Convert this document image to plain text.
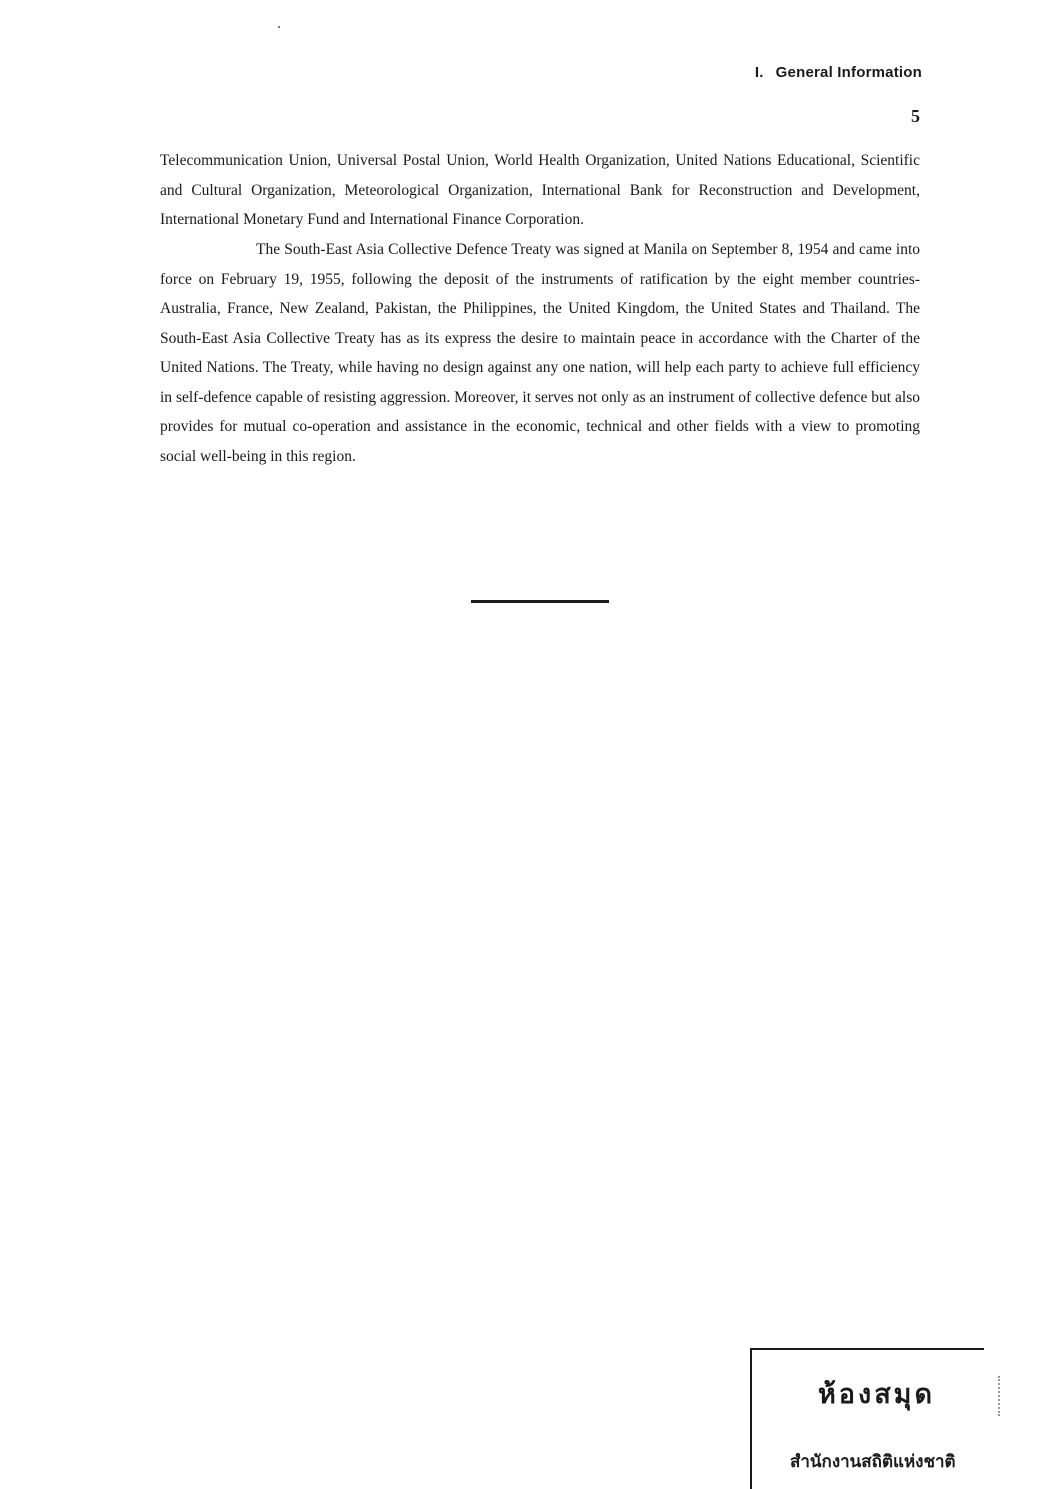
I. General Information
5

Telecommunication Union, Universal Postal Union, World Health Organization, United Nations Educational, Scientific and Cultural Organization, Meteorological Organization, International Bank for Reconstruction and Development, International Monetary Fund and International Finance Corporation.

The South-East Asia Collective Defence Treaty was signed at Manila on September 8, 1954 and came into force on February 19, 1955, following the deposit of the instruments of ratification by the eight member countries-Australia, France, New Zealand, Pakistan, the Philippines, the United Kingdom, the United States and Thailand. The South-East Asia Collective Treaty has as its express the desire to maintain peace in accordance with the Charter of the United Nations. The Treaty, while having no design against any one nation, will help each party to achieve full efficiency in self-defence capable of resisting aggression. Moreover, it serves not only as an instrument of collective defence but also provides for mutual co-operation and assistance in the economic, technical and other fields with a view to promoting social well-being in this region.

ห้องสมุด
สำนักงานสถิติแห่งชาติ
